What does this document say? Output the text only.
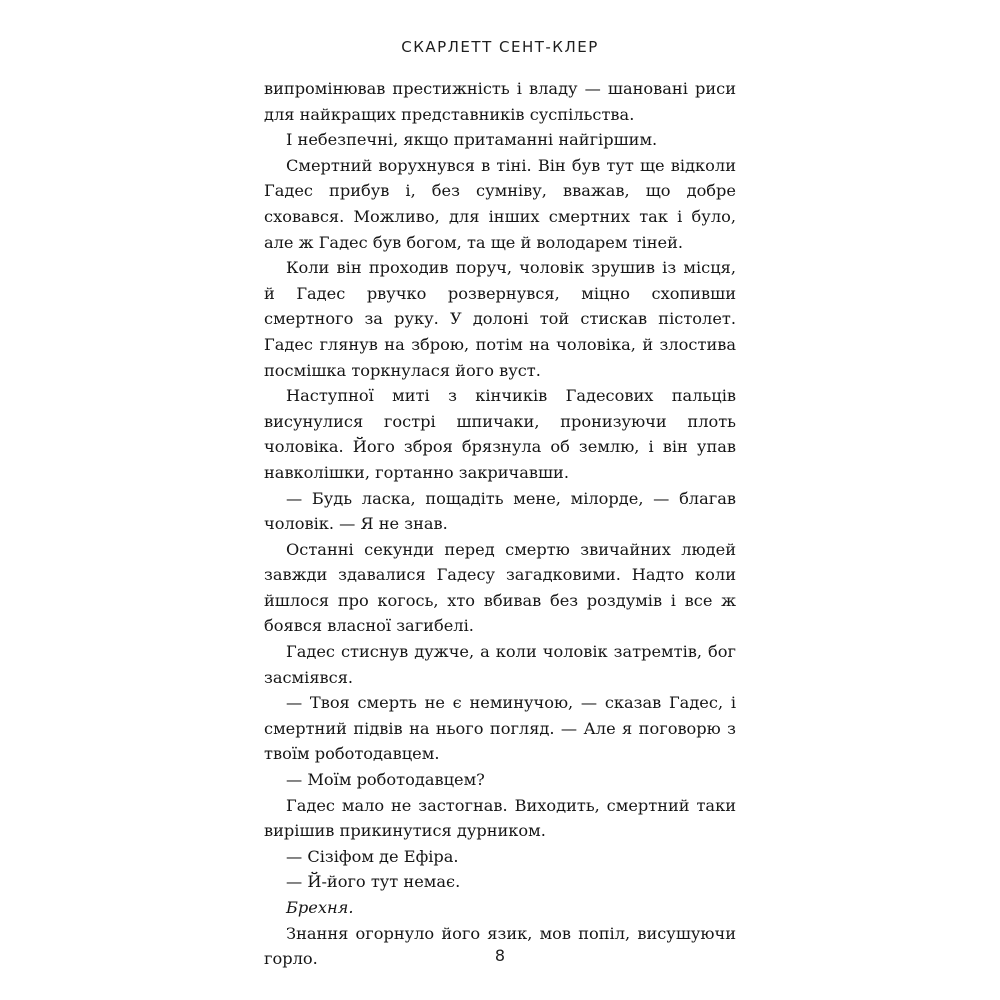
СКАРЛЕТТ СЕНТ-КЛЕР

випромінював престижність і владу — шановані риси для найкращих представників суспільства.

І небезпечні, якщо притаманні найгіршим.

Смертний ворухнувся в тіні. Він був тут ще відколи Гадес прибув і, без сумніву, вважав, що добре сховався. Можливо, для інших смертних так і було, але ж Гадес був богом, та ще й володарем тіней.

Коли він проходив поруч, чоловік зрушив із місця, й Гадес рвучко розвернувся, міцно схопивши смертного за руку. У долоні той стискав пістолет. Гадес глянув на зброю, потім на чоловіка, й злостива посмішка торкнулася його вуст.

Наступної миті з кінчиків Гадесових пальців висунулися гострі шпичаки, пронизуючи плоть чоловіка. Його зброя брязнула об землю, і він упав навколішки, гортанно закричавши.

— Будь ласка, пощадіть мене, мілорде, — благав чоловік. — Я не знав.

Останні секунди перед смертю звичайних людей завжди здавалися Гадесу загадковими. Надто коли йшлося про когось, хто вбивав без роздумів і все ж боявся власної загибелі.

Гадес стиснув дужче, а коли чоловік затремтів, бог засміявся.

— Твоя смерть не є неминучою, — сказав Гадес, і смертний підвів на нього погляд. — Але я поговорю з твоїм роботодавцем.

— Моїм роботодавцем?

Гадес мало не застогнав. Виходить, смертний таки вирішив прикинутися дурником.

— Сізіфом де Ефіра.

— Й-його тут немає.

Брехня.

Знання огорнуло його язик, мов попіл, висушуючи горло.	8
